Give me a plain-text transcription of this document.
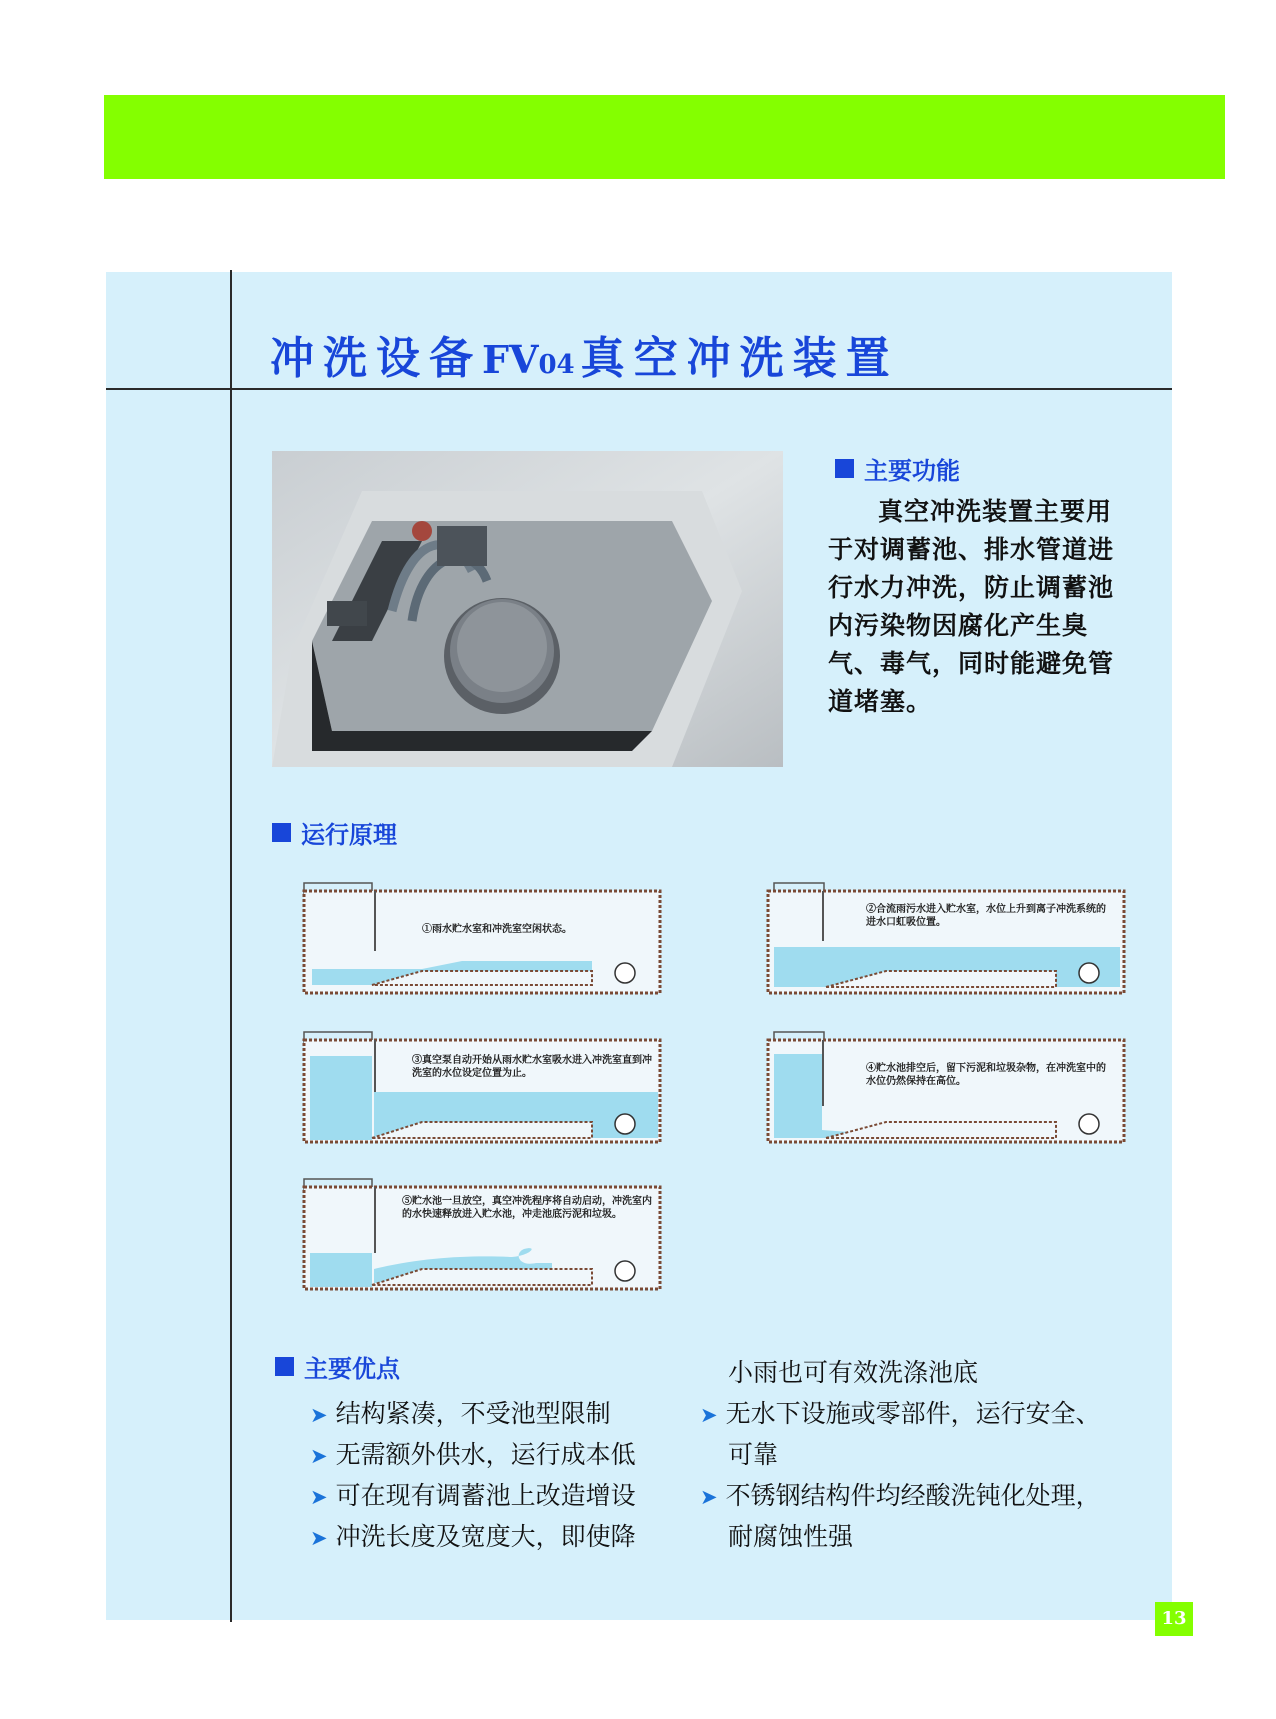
冲洗设备FV04 真空冲洗装置
主要功能

真空冲洗装置主要用于对调蓄池、排水管道进行水力冲洗，防止调蓄池内污染物因腐化产生臭气、毒气，同时能避免管道堵塞。

运行原理

①雨水贮水室和冲洗室空闲状态。

②合流雨污水进入贮水室，水位上升到离子冲洗系统的进水口虹吸位置。

③真空泵自动开始从雨水贮水室吸水进入冲洗室直到冲洗室的水位设定位置为止。	④贮水池排空后，留下污泥和垃圾杂物，在冲洗室中的水位仍然保持在高位。

⑤贮水池一旦放空，真空冲洗程序将自动启动，冲洗室内的水快速释放进入贮水池，冲走池底污泥和垃圾。

主要优点
➤ 结构紧凑，不受池型限制
➤ 无需额外供水，运行成本低
➤ 可在现有调蓄池上改造增设
➤ 冲洗长度及宽度大，即使降
小雨也可有效洗涤池底
➤ 无水下设施或零部件，运行安全、
可靠
➤ 不锈钢结构件均经酸洗钝化处理，
耐腐蚀性强
13
